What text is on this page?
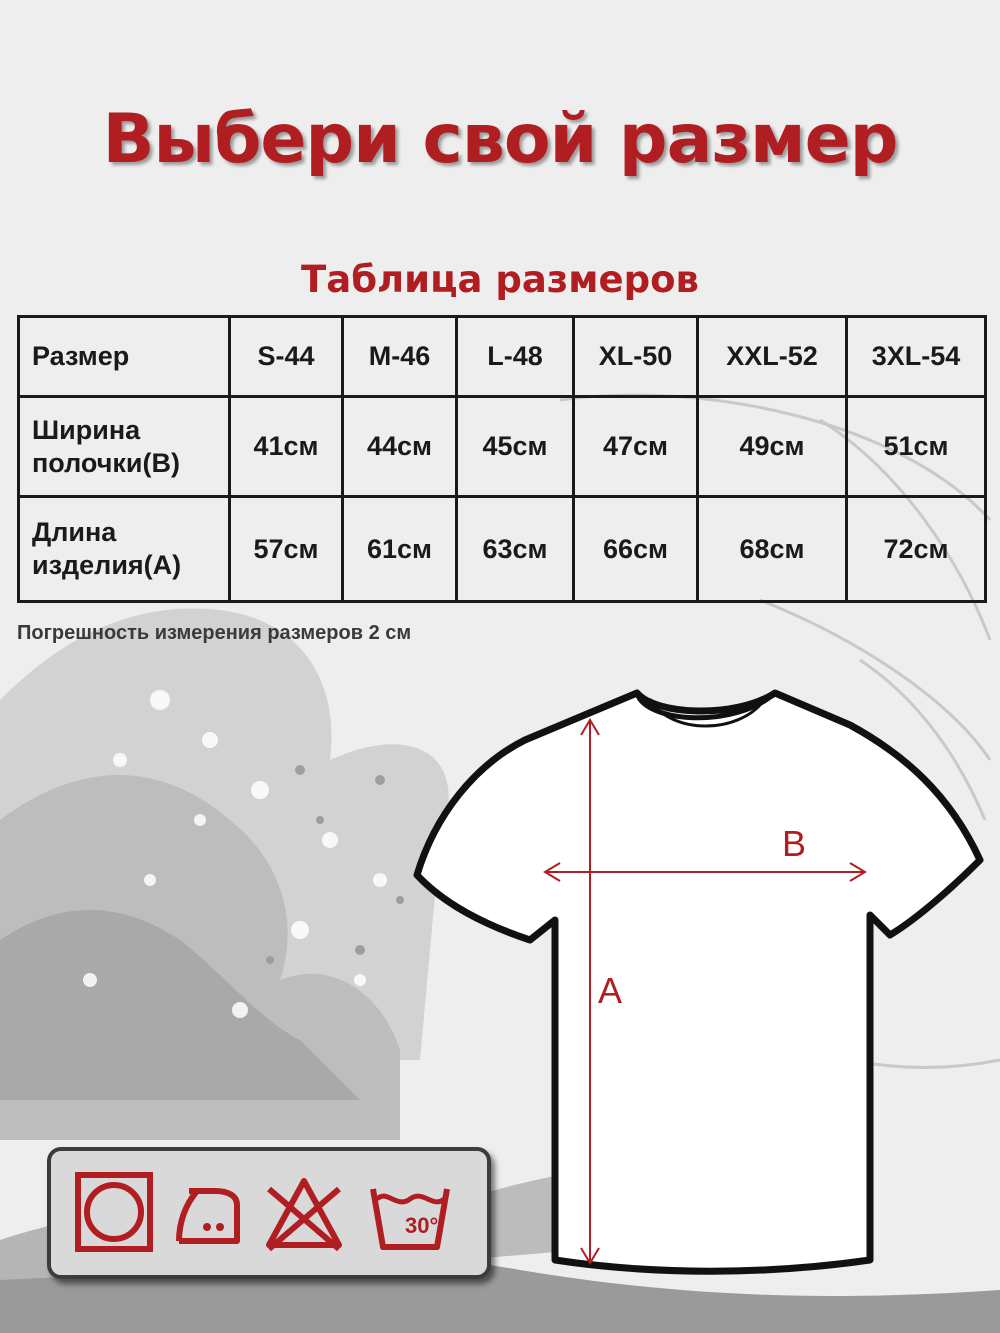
Выбери свой размер
Таблица размеров
Размер	S-44	M-46	L-48	XL-50	XXL-52	3XL-54

Ширина
полочки(B)	41см	44см	45см	47см	49см	51см

Длина
изделия(A)	57см	61см	63см	66см	68см	72см
Погрешность измерения размеров 2 см
B
A
30°
